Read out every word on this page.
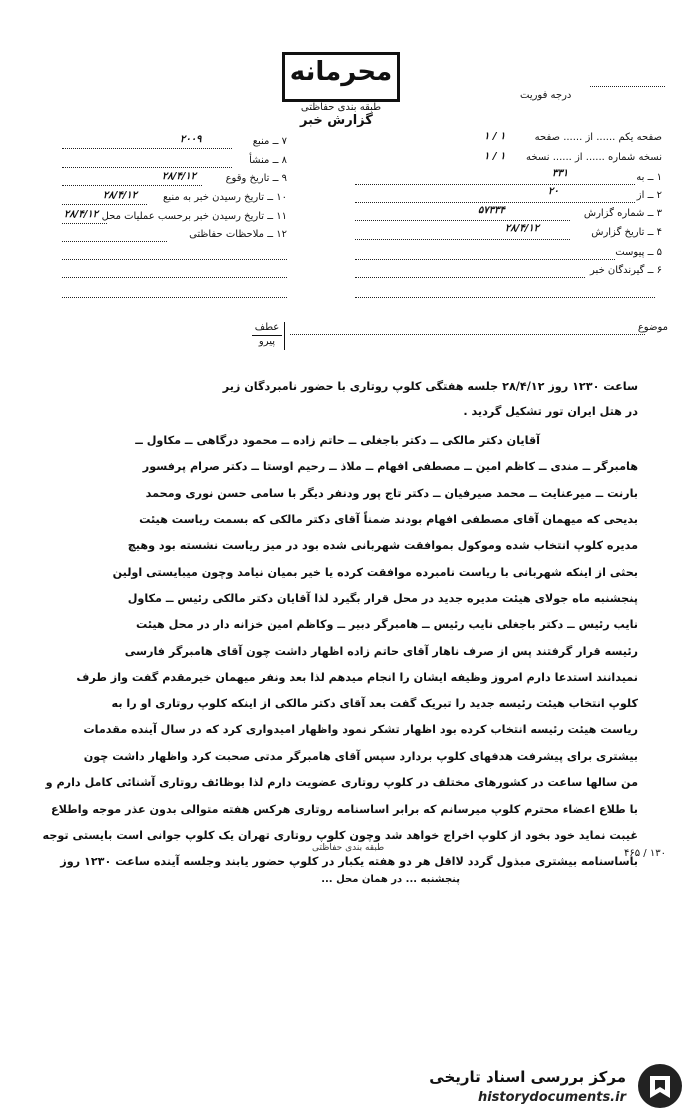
محرمانه
طبقه بندی حفاظتی
گزارش خبر
درجه فوریت
صفحه یکم ...... از ...... صفحه
۱ / ۱
نسخه شماره ...... از ...... نسخه
۱ / ۱
۱ ــ به
۳۳۱
۲ ــ از
۲۰
۳ ــ شماره گزارش
۵۷۳۳۴
۴ ــ تاریخ گزارش
۲۸/۴/۱۲
۵ ــ پیوست
۶ ــ گیرندگان خبر
۷ ــ منبع
۲۰۰۹
۸ ــ منشأ
۹ ــ تاریخ وقوع
۲۸/۴/۱۲
۱۰ ــ تاریخ رسیدن خبر به منبع
۲۸/۴/۱۲
۱۱ ــ تاریخ رسیدن خبر برحسب عملیات محل
۲۸/۴/۱۲
۱۲ ــ ملاحظات حفاظتی
موضوع
عطف
پیرو
ساعت ۱۲۳۰ روز ۲۸/۴/۱۲ جلسه هفتگی کلوپ روتاری با حضور نامبردگان زیر
در هتل ایران تور تشکیل گردید .
آقایان دکتر مالکی ــ دکتر باجغلی ــ حاتم زاده ــ محمود درگاهی ــ مکاول ــ
هامبرگر ــ مندی ــ کاظم امین ــ مصطفی افهام ــ ملاذ ــ رحیم اوستا ــ دکتر صرام پرفسور
بارنت ــ میرعنایت ــ محمد صیرفیان ــ دکتر تاج پور ودنفر دیگر با سامی حسن نوری ومحمد
بدیحی که میهمان آقای مصطفی افهام بودند ضمناً آقای دکتر مالکی که بسمت ریاست هیئت
مدیره کلوپ انتخاب شده وموکول بموافقت شهربانی شده بود در میز ریاست نشسته بود وهیچ
بحثی از اینکه شهربانی با ریاست نامبرده موافقت کرده یا خیر بمیان نیامد وچون میبایستی اولین
پنجشنبه ماه جولای هیئت مدیره جدید در محل قرار بگیرد لذا آقایان دکتر مالکی رئیس ــ مکاول
نایب رئیس ــ دکتر باجغلی نایب رئیس ــ هامبرگر دبیر ــ وکاظم امین خزانه دار در محل هیئت
رئیسه قرار گرفتند پس از صرف ناهار آقای حاتم زاده اظهار داشت چون آقای هامبرگر فارسی
نمیدانند استدعا دارم امروز وظیفه ایشان را انجام میدهم لذا بعد ونفر میهمان خیرمقدم گفت واز طرف
کلوپ انتخاب هیئت رئیسه جدید را تبریک گفت بعد آقای دکتر مالکی از اینکه کلوپ روتاری او را به
ریاست هیئت رئیسه انتخاب کرده بود اظهار تشکر نمود واظهار امیدواری کرد که در سال آینده مقدمات
بیشتری برای پیشرفت هدفهای کلوپ بردارد سپس آقای هامبرگر مدتی صحبت کرد واظهار داشت چون
من سالها ساعت در کشورهای مختلف در کلوپ روتاری عضویت دارم لذا بوظائف روتاری آشنائی کامل دارم و
با طلاع اعضاء محترم کلوپ میرسانم که برابر اساسنامه روتاری هرکس هفته متوالی بدون عذر موجه واطلاع
غیبت نماید خود بخود از کلوپ اخراج خواهد شد وچون کلوپ روتاری تهران یک کلوپ جوانی است بایستی توجه
باساسنامه بیشتری مبذول گردد لااقل هر دو هفته یکبار در کلوپ حضور یابند وجلسه آینده ساعت ۱۲۳۰ روز
پنجشنبه ... در همان محل ...
طبقه بندی حفاظتی	۴۶۵ / ۱۳۰
مرکز بررسی اسناد تاریخی
historydocuments.ir
